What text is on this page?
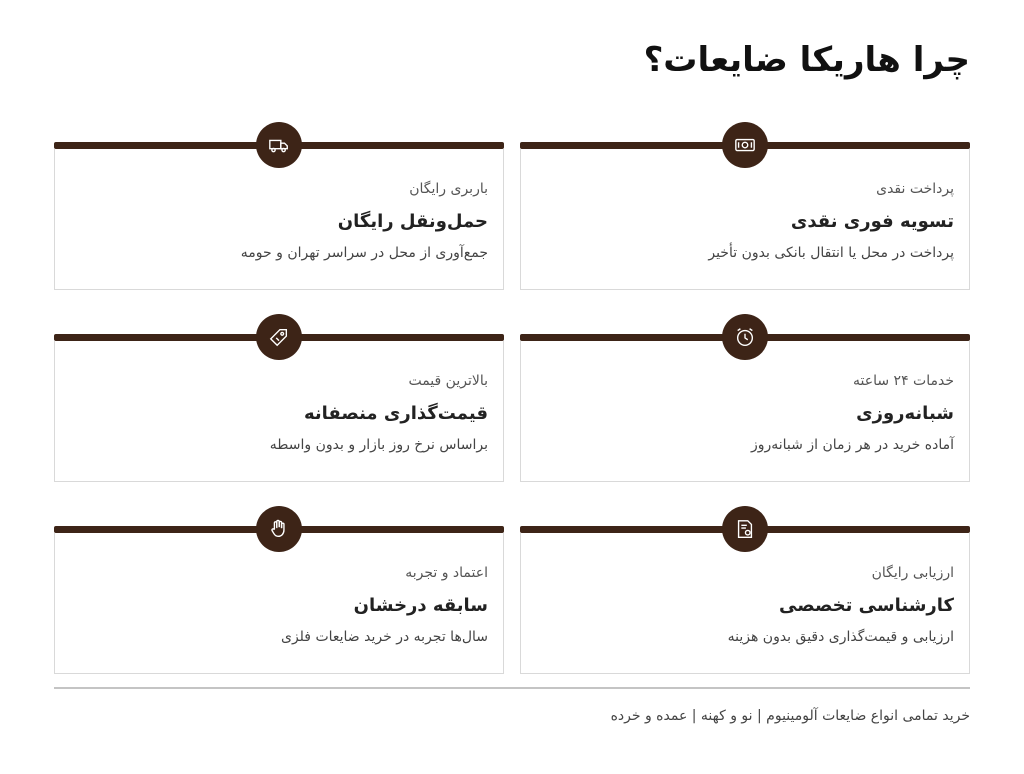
چرا هاریکا ضایعات؟
پرداخت نقدی
تسویه فوری نقدی
پرداخت در محل یا انتقال بانکی بدون تأخیر
باربری رایگان
حمل‌ونقل رایگان
جمع‌آوری از محل در سراسر تهران و حومه
خدمات ۲۴ ساعته
شبانه‌روزی
آماده خرید در هر زمان از شبانه‌روز
بالاترین قیمت
قیمت‌گذاری منصفانه
براساس نرخ روز بازار و بدون واسطه
ارزیابی رایگان
کارشناسی تخصصی
ارزیابی و قیمت‌گذاری دقیق بدون هزینه
اعتماد و تجربه
سابقه درخشان
سال‌ها تجربه در خرید ضایعات فلزی
خرید تمامی انواع ضایعات آلومینیوم | نو و کهنه | عمده و خرده
